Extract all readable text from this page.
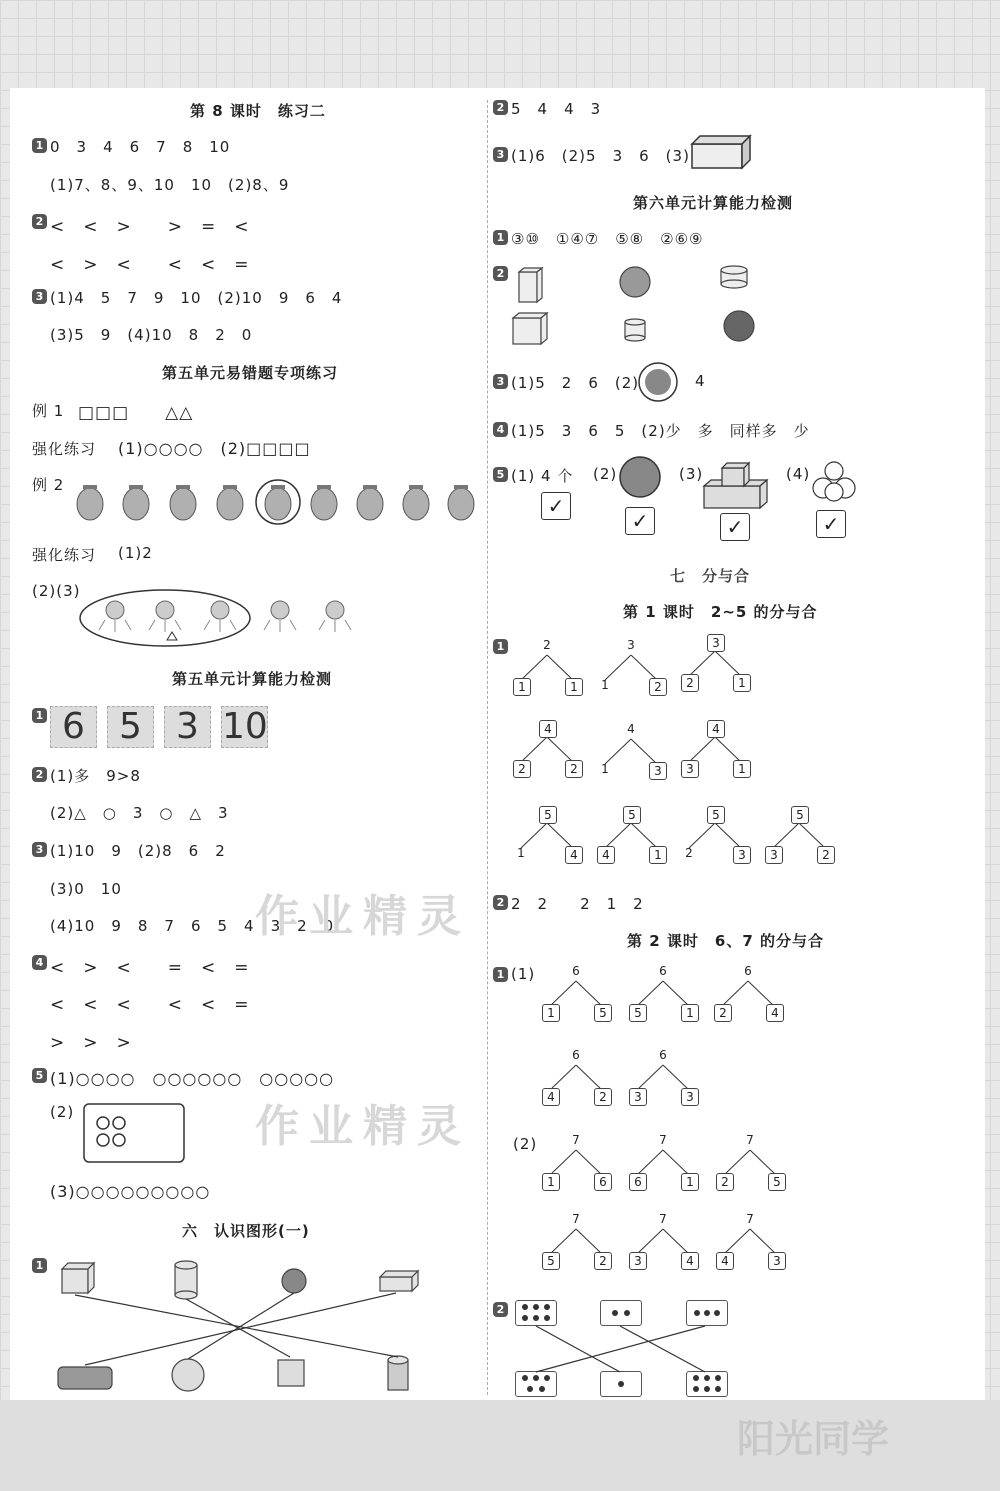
第 8 课时　练习二
1 0　3　4　6　7　8　10
(1)7、8、9、10　10　(2)8、9
2 <　<　>　　>　=　<
<　>　<　　<　<　=
3 (1)4　5　7　9　10　(2)10　9　6　4
(3)5　9　(4)10　8　2　0
第五单元易错题专项练习
例 1 □□□　　△△
强化练习 (1)○○○○　(2)□□□□
例 2
强化练习 (1)2
(2)(3)
第五单元计算能力检测
1 6 5 3 10
2 (1)多　9>8
(2)△　○　3　○　△　3
3 (1)10　9　(2)8　6　2
(3)0　10
(4)10　9　8　7　6　5　4　3　2　0
4 <　>　<　　=　<　=
<　<　<　　<　<　=
>　>　>
5 (1)○○○○　○○○○○○　○○○○○
(2)
(3)○○○○○○○○○
六　认识图形(一)
1
作业精灵
作业精灵
2 5　4　4　3
3 (1)6　(2)5　3　6　(3)
第六单元计算能力检测
1 ③⑩　①④⑦　⑤⑧　②⑥⑨
2
3 (1)5　2　6　(2)	4
4 (1)5　3　6　5　(2)少　多　同样多　少
5 (1) 4 个
✓
(2)
✓
(3)
✓
(4)
✓
七　分与合
第 1 课时　2~5 的分与合
1	2
1	1
3
1	2
3
2	1
4
2	2
4
1	3
4
3	1
5
1	4
5
4	1
5
2	3
5
3	2
2 2　2　　2　1　2
第 2 课时　6、7 的分与合
1 (1)
(2)
6
1	5
6
5	1
6
2	4
6
4	2
6
3	3
7
1	6
7
6	1
7
2	5
7
5	2
7
3	4
7
4	3
2
阳光同学
